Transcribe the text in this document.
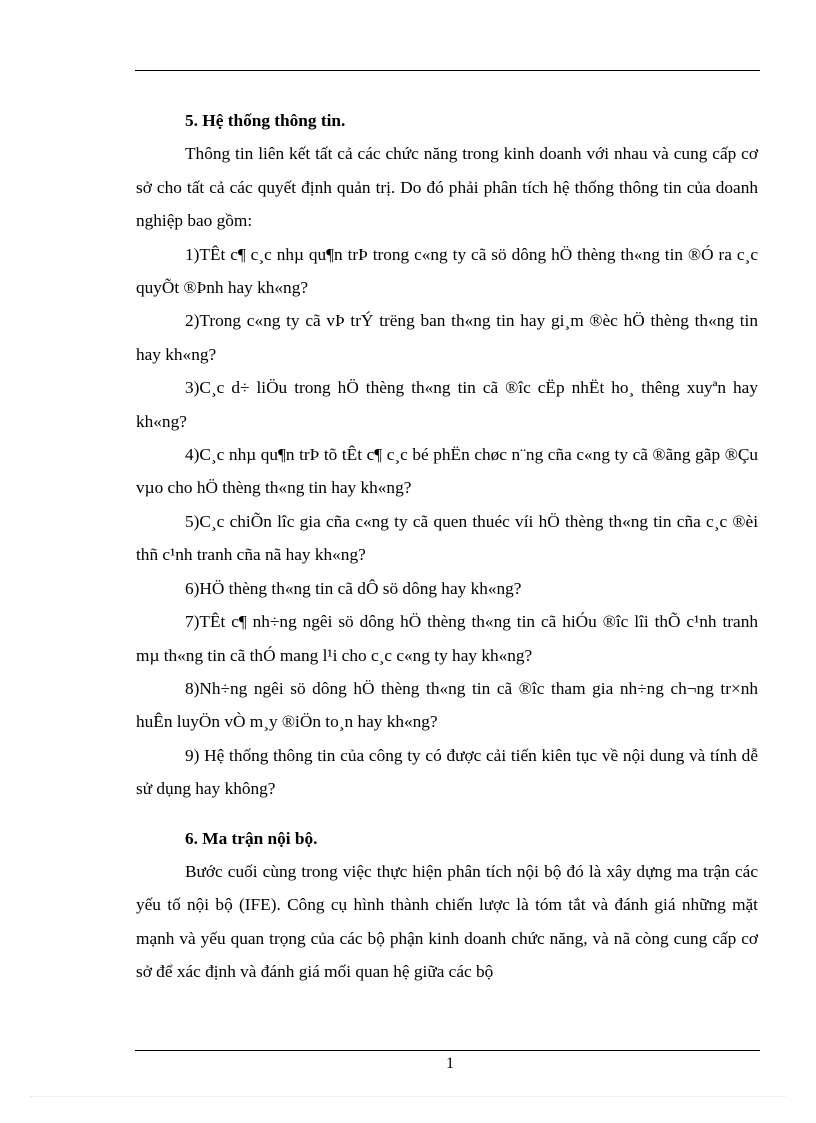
5. Hệ thống thông tin.

Thông tin liên kết tất cả các chức năng trong kinh doanh với nhau và cung cấp cơ sở cho tất cả các quyết định quản trị. Do đó phải phân tích hệ thống thông tin của doanh nghiệp bao gồm:

1)TÊt c¶ c¸c nhµ qu¶n trÞ trong c«ng ty cã sö dông hÖ thèng th«ng tin ®Ó ra c¸c quyÕt ®Þnh hay kh«ng?

2)Trong c«ng ty cã vÞ trÝ trëng ban th«ng tin hay gi¸m ®èc hÖ thèng th«ng tin hay kh«ng?

3)C¸c d÷ liÖu trong hÖ thèng th«ng tin cã ®îc cËp nhËt ho¸ thêng xuyªn hay kh«ng?

4)C¸c nhµ qu¶n trÞ tõ tÊt c¶ c¸c bé phËn chøc n¨ng cña c«ng ty cã ®ãng gãp ®Çu vµo cho hÖ thèng th«ng tin hay kh«ng?

5)C¸c chiÕn lîc gia cña c«ng ty cã quen thuéc víi hÖ thèng th«ng tin cña c¸c ®èi thñ c¹nh tranh cña nã hay kh«ng?

6)HÖ thèng th«ng tin cã dÔ sö dông hay kh«ng?

7)TÊt c¶ nh÷ng ngêi sö dông hÖ thèng th«ng tin cã hiÓu ®îc lîi thÕ c¹nh tranh mµ th«ng tin cã thÓ mang l¹i cho c¸c c«ng ty hay kh«ng?

8)Nh÷ng ngêi sö dông hÖ thèng th«ng tin cã ®îc tham gia nh÷ng ch¬ng tr×nh huÊn luyÖn vÒ m¸y ®iÖn to¸n hay kh«ng?

9) Hệ thống thông tin của công ty có được cải tiến kiên tục về nội dung và tính dễ sử dụng hay không?

6. Ma trận nội bộ.

Bước cuối cùng trong việc thực hiện phân tích nội bộ đó là xây dựng ma trận các yếu tố nội bộ (IFE). Công cụ hình thành chiến lược là tóm tắt và đánh giá những mặt mạnh và yếu quan trọng của các bộ phận kinh doanh chức năng, và nã còng cung cấp cơ sở để xác định và đánh giá mối quan hệ giữa các bộ

1
